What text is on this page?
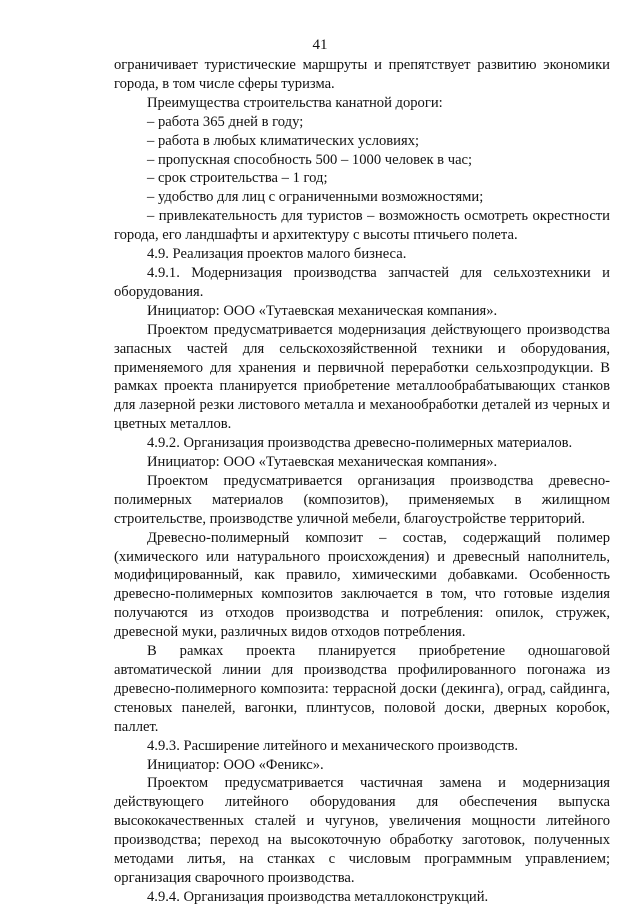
41

ограничивает туристические маршруты и препятствует развитию экономики города, в том числе сферы туризма.

Преимущества строительства канатной дороги:

– работа 365 дней в году;

– работа в любых климатических условиях;

– пропускная способность 500 – 1000 человек в час;

– срок строительства – 1 год;

– удобство для лиц с ограниченными возможностями;

– привлекательность для туристов – возможность осмотреть окрестности города, его ландшафты и архитектуру с высоты птичьего полета.

4.9. Реализация проектов малого бизнеса.

4.9.1. Модернизация производства запчастей для сельхозтехники и оборудования.

Инициатор: ООО «Тутаевская механическая компания».

Проектом предусматривается модернизация действующего производства запасных частей для сельскохозяйственной техники и оборудования, применяемого для хранения и первичной переработки сельхозпродукции. В рамках проекта планируется приобретение металлообрабатывающих станков для лазерной резки листового металла и механообработки деталей из черных и цветных металлов.

4.9.2. Организация производства древесно-полимерных материалов.

Инициатор: ООО «Тутаевская механическая компания».

Проектом предусматривается организация производства древесно-полимерных материалов (композитов), применяемых в жилищном строительстве, производстве уличной мебели, благоустройстве территорий.

Древесно-полимерный композит – состав, содержащий полимер (химического или натурального происхождения) и древесный наполнитель, модифицированный, как правило, химическими добавками. Особенность древесно-полимерных композитов заключается в том, что готовые изделия получаются из отходов производства и потребления: опилок, стружек, древесной муки, различных видов отходов потребления.

В рамках проекта планируется приобретение одношаговой автоматической линии для производства профилированного погонажа из древесно-полимерного композита: террасной доски (декинга), оград, сайдинга, стеновых панелей, вагонки, плинтусов, половой доски, дверных коробок, паллет.

4.9.3. Расширение литейного и механического производств.

Инициатор: ООО «Феникс».

Проектом предусматривается частичная замена и модернизация действующего литейного оборудования для обеспечения выпуска высококачественных сталей и чугунов, увеличения мощности литейного производства; переход на высокоточную обработку заготовок, полученных методами литья, на станках с числовым программным управлением; организация сварочного производства.

4.9.4. Организация производства металлоконструкций.
